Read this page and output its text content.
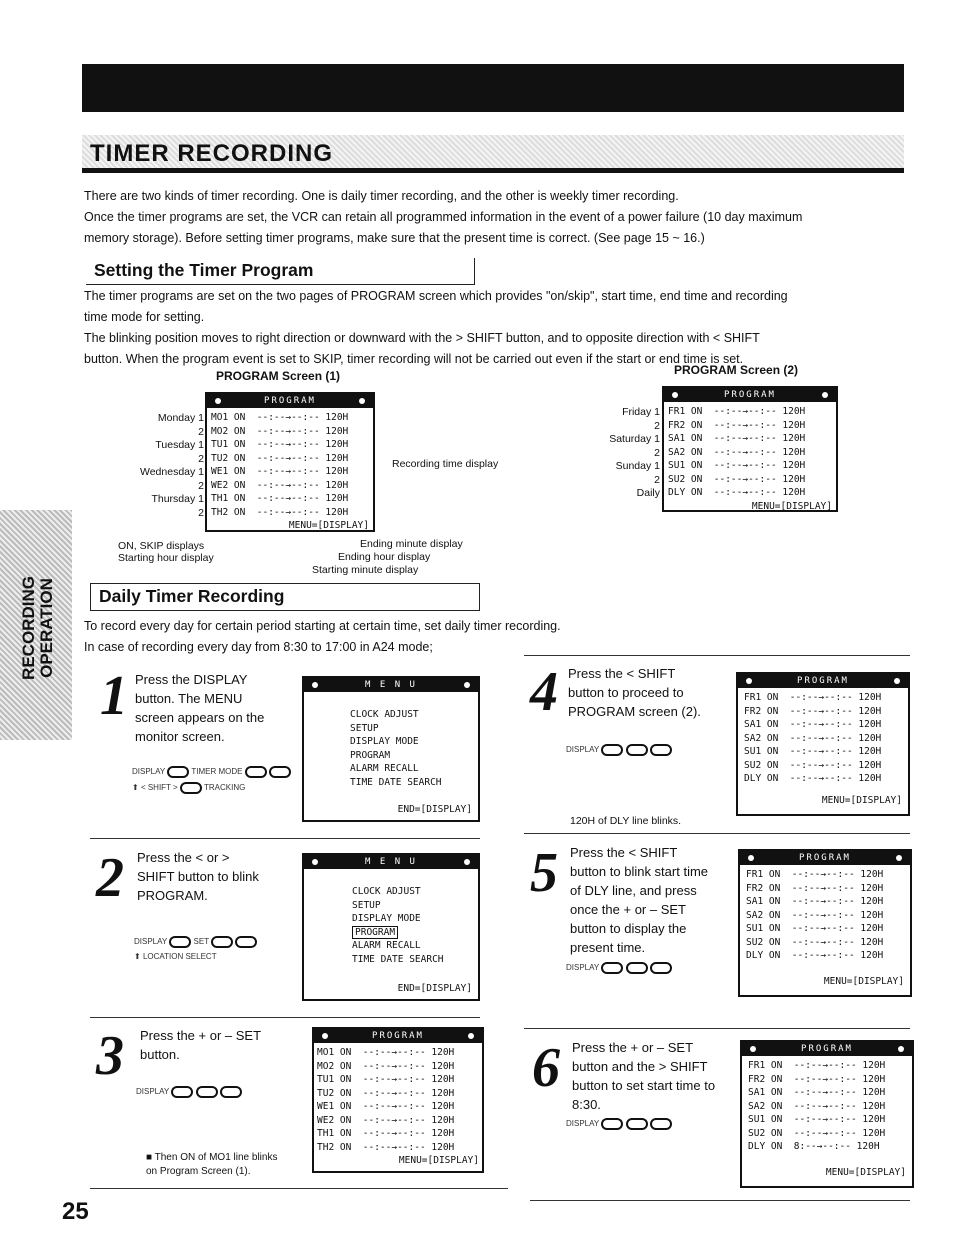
TIMER RECORDING
RECORDING OPERATION
There are two kinds of timer recording. One is daily timer recording, and the other is weekly timer recording.
Once the timer programs are set, the VCR can retain all programmed information in the event of a power failure (10 day maximum
memory storage). Before setting timer programs, make sure that the present time is correct. (See page 15 ~ 16.)
Setting the Timer Program
The timer programs are set on the two pages of PROGRAM screen which provides "on/skip", start time, end time and recording
time mode for setting.
The blinking position moves to right direction or downward with the > SHIFT button, and to opposite direction with < SHIFT
button. When the program event is set to SKIP, timer recording will not be carried out even if the start or end time is set.
PROGRAM Screen (1)	PROGRAM Screen (2)
PROGRAM
MO1 ON  --:--→--:-- 120H
MO2 ON  --:--→--:-- 120H
TU1 ON  --:--→--:-- 120H
TU2 ON  --:--→--:-- 120H
WE1 ON  --:--→--:-- 120H
WE2 ON  --:--→--:-- 120H
TH1 ON  --:--→--:-- 120H
TH2 ON  --:--→--:-- 120H
MENU=[DISPLAY]
Monday 1
2
Tuesday 1
2
Wednesday 1
2
Thursday 1
2
Recording time display
ON, SKIP displays
Starting hour display
Ending minute display
Ending hour display
Starting minute display
PROGRAM
FR1 ON  --:--→--:-- 120H
FR2 ON  --:--→--:-- 120H
SA1 ON  --:--→--:-- 120H
SA2 ON  --:--→--:-- 120H
SU1 ON  --:--→--:-- 120H
SU2 ON  --:--→--:-- 120H
DLY ON  --:--→--:-- 120H
MENU=[DISPLAY]
Friday 1
2
Saturday 1
2
Sunday 1
2
Daily
Daily Timer Recording
To record every day for certain period starting at certain time, set daily timer recording.
In case of recording every day from 8:30 to 17:00 in A24 mode;
1 Press the DISPLAY
button. The MENU
screen appears on the
monitor screen.
M E N U
CLOCK ADJUST
SETUP
DISPLAY MODE
PROGRAM
ALARM RECALL
TIME DATE SEARCH
END=[DISPLAY]
DISPLAY	TIMER MODE
⬆ < SHIFT >	TRACKING
2 Press the < or >
SHIFT button to blink
PROGRAM.
M E N U
CLOCK ADJUST
SETUP
DISPLAY MODE
PROGRAM
ALARM RECALL
TIME DATE SEARCH
END=[DISPLAY]
DISPLAY	SET
⬆ LOCATION SELECT
3 Press the + or – SET
button.
PROGRAM
MO1 ON  --:--→--:-- 120H
MO2 ON  --:--→--:-- 120H
TU1 ON  --:--→--:-- 120H
TU2 ON  --:--→--:-- 120H
WE1 ON  --:--→--:-- 120H
WE2 ON  --:--→--:-- 120H
TH1 ON  --:--→--:-- 120H
TH2 ON  --:--→--:-- 120H
MENU=[DISPLAY]
DISPLAY
■ Then ON of MO1 line blinks
on Program Screen (1).
4 Press the < SHIFT
button to proceed to
PROGRAM screen (2).
PROGRAM
FR1 ON  --:--→--:-- 120H
FR2 ON  --:--→--:-- 120H
SA1 ON  --:--→--:-- 120H
SA2 ON  --:--→--:-- 120H
SU1 ON  --:--→--:-- 120H
SU2 ON  --:--→--:-- 120H
DLY ON  --:--→--:-- 120H
MENU=[DISPLAY]
DISPLAY
120H of DLY line blinks.
5 Press the < SHIFT
button to blink start time
of DLY line, and press
once the + or – SET
button to display the
present time.
PROGRAM
FR1 ON  --:--→--:-- 120H
FR2 ON  --:--→--:-- 120H
SA1 ON  --:--→--:-- 120H
SA2 ON  --:--→--:-- 120H
SU1 ON  --:--→--:-- 120H
SU2 ON  --:--→--:-- 120H
DLY ON  --:--→--:-- 120H
MENU=[DISPLAY]
DISPLAY
6 Press the + or – SET
button and the > SHIFT
button to set start time to
8:30.
PROGRAM
FR1 ON  --:--→--:-- 120H
FR2 ON  --:--→--:-- 120H
SA1 ON  --:--→--:-- 120H
SA2 ON  --:--→--:-- 120H
SU1 ON  --:--→--:-- 120H
SU2 ON  --:--→--:-- 120H
DLY ON  8:--→--:-- 120H
MENU=[DISPLAY]
DISPLAY
25
